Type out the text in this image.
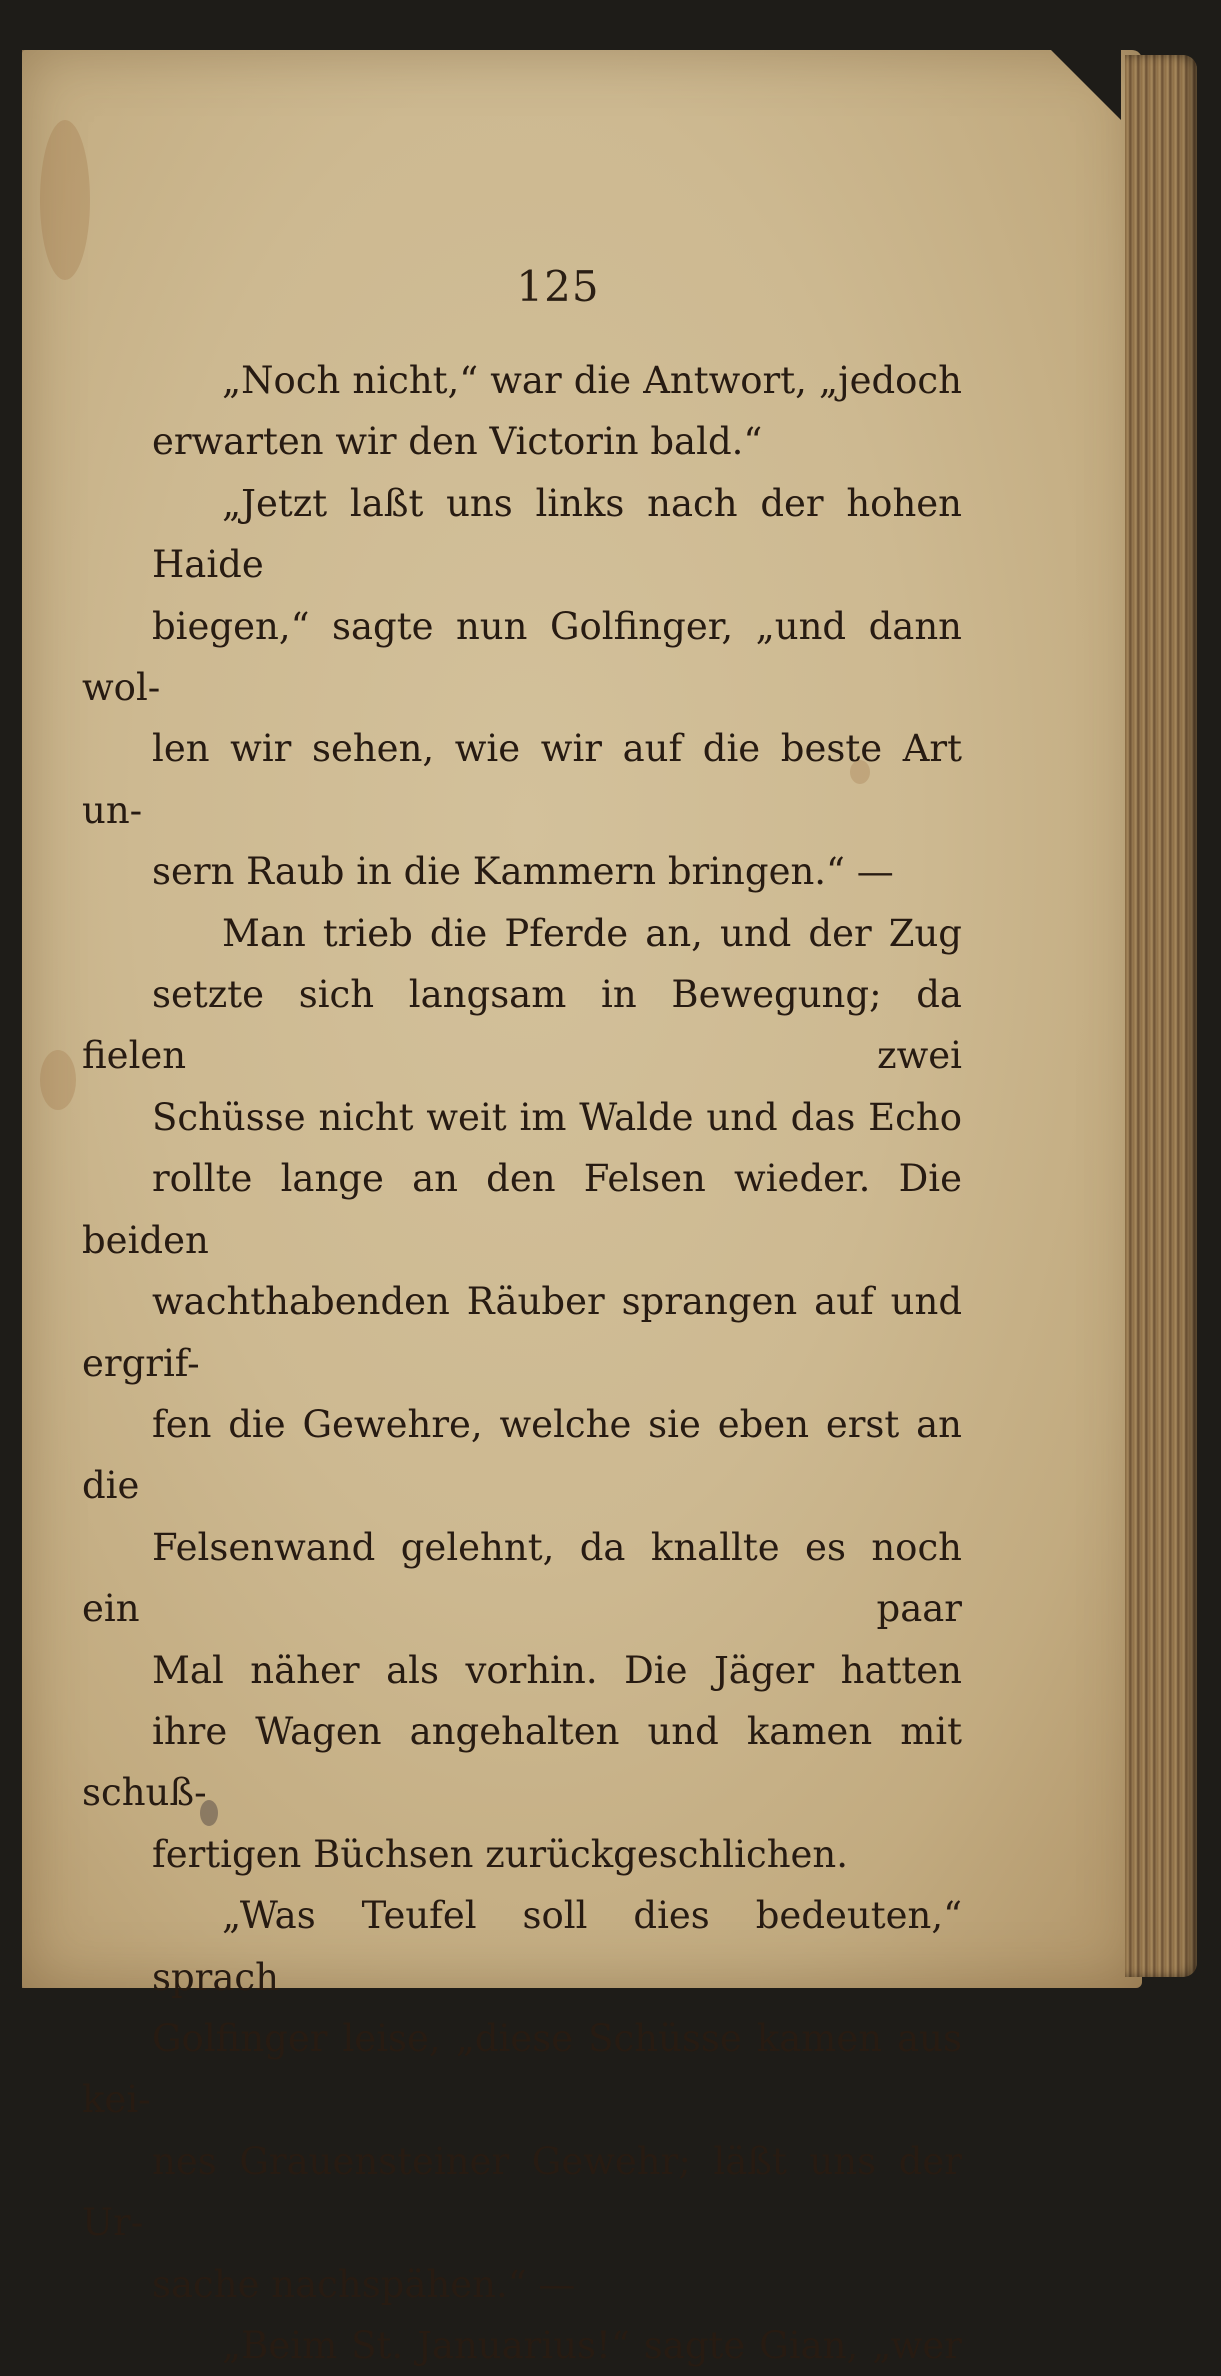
125

„Noch nicht,“ war die Antwort, „jedoch
erwarten wir den Victorin bald.“

„Jetzt laßt uns links nach der hohen Haide
biegen,“ sagte nun Golfinger, „und dann wol-
len wir sehen, wie wir auf die beste Art un-
sern Raub in die Kammern bringen.“ —

Man trieb die Pferde an, und der Zug
setzte sich langsam in Bewegung; da fielen zwei
Schüsse nicht weit im Walde und das Echo
rollte lange an den Felsen wieder. Die beiden
wachthabenden Räuber sprangen auf und ergrif-
fen die Gewehre, welche sie eben erst an die
Felsenwand gelehnt, da knallte es noch ein paar
Mal näher als vorhin. Die Jäger hatten
ihre Wagen angehalten und kamen mit schuß-
fertigen Büchsen zurückgeschlichen.

„Was Teufel soll dies bedeuten,“ sprach
Golfinger leise, „diese Schüsse kamen aus kei-
nes Grauensteiner Gewehr; läßt uns der Ur-
sache nachspähen.“ —

„Beim St. Januarius!“ sagte Gian, „wer
